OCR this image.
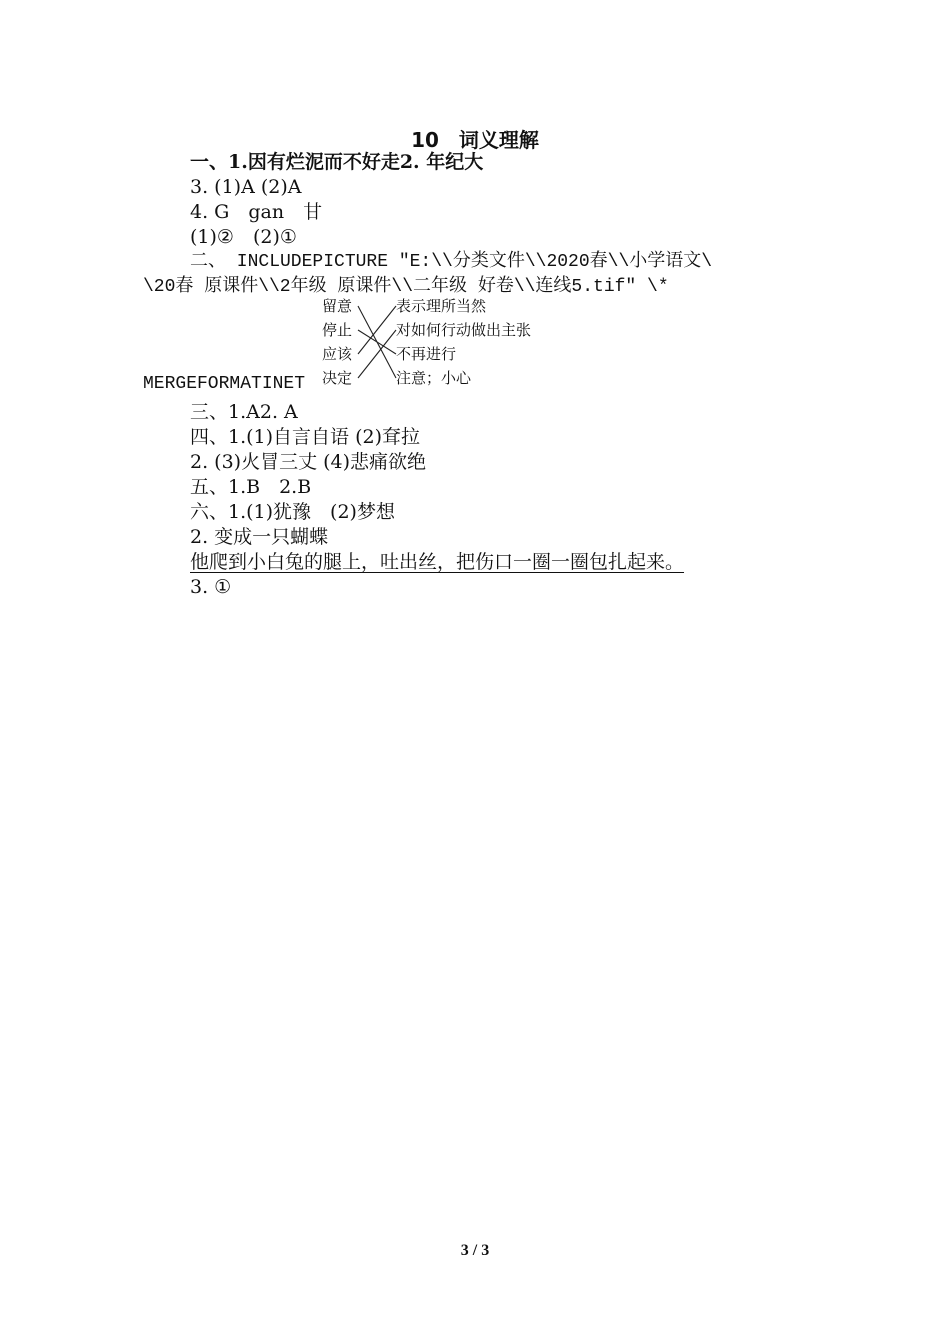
10　词义理解
一、1.因有烂泥而不好走2. 年纪大
3. (1)A (2)A
4. G　gan　甘
(1)②　(2)①
二、 INCLUDEPICTURE "E:\\分类文件\\2020春\\小学语文\
\20春 原课件\\2年级 原课件\\二年级 好卷\\连线5.tif" \*
留意
停止
应该
决定
表示理所当然
对如何行动做出主张
不再进行
注意；小心
MERGEFORMATINET
三、1.A2. A
四、1.(1)自言自语 (2)耷拉
2. (3)火冒三丈 (4)悲痛欲绝
五、1.B　2.B
六、1.(1)犹豫　(2)梦想
2. 变成一只蝴蝶
他爬到小白兔的腿上，吐出丝，把伤口一圈一圈包扎起来。
3. ①
3 / 3
